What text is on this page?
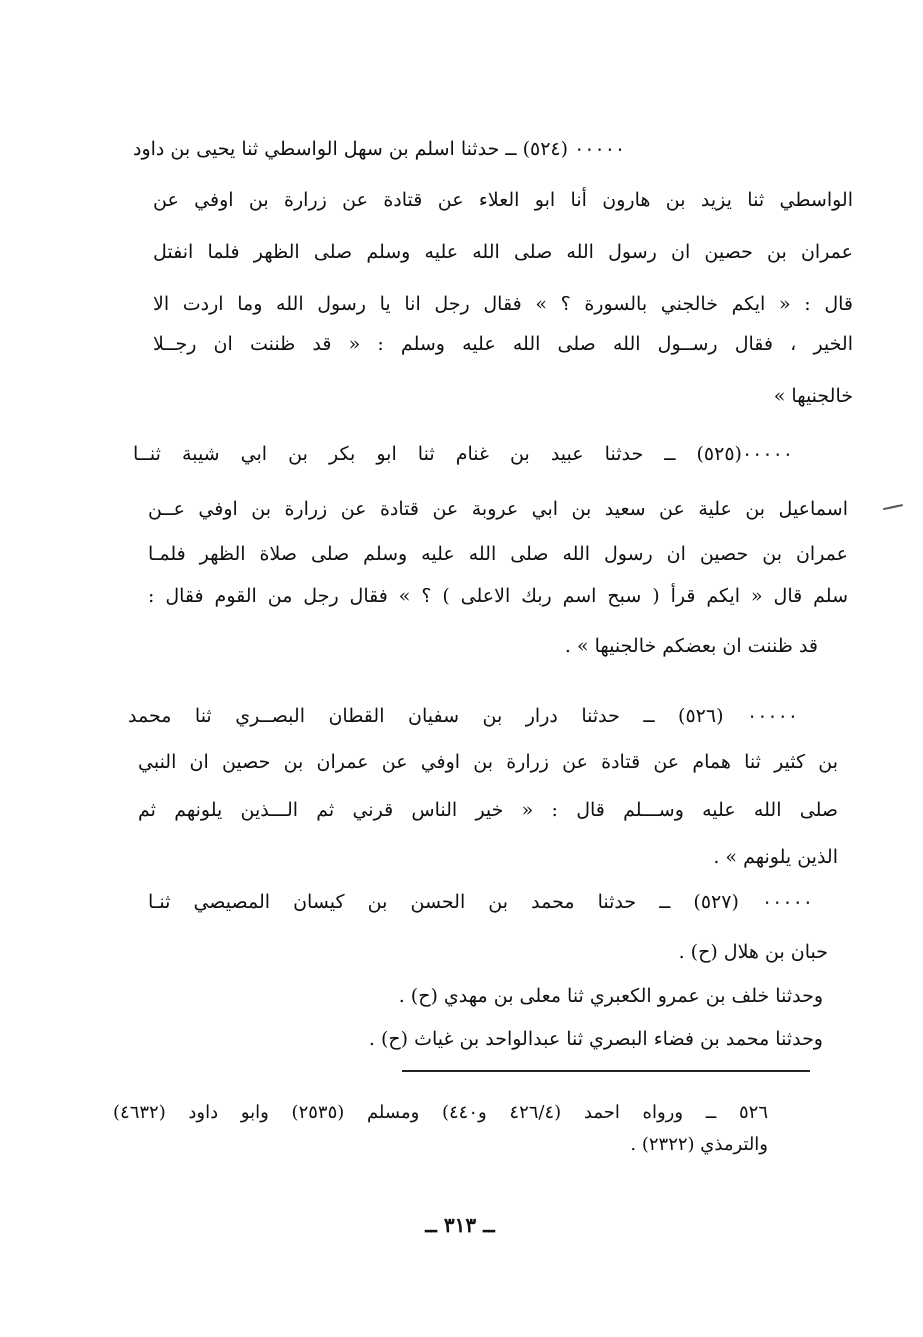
٠٠٠٠٠ (٥٢٤) ــ حدثنا اسلم بن سهل الواسطي ثنا يحيى بن داود
الواسطي ثنا يزيد بن هارون أنا ابو العلاء عن قتادة عن زرارة بن اوفي عن
عمران بن حصين ان رسول الله صلى الله عليه وسلم صلى الظهر فلما انفتل
قال : « ايكم خالجني بالسورة ؟ » فقال رجل انا يا رسول الله وما اردت الا
الخير ، فقال رســول الله صلى الله عليه وسلم : « قد ظننت ان رجــلا
خالجنيها »
٠٠٠٠٠(٥٢٥) ــ حدثنا عبيد بن غنام ثنا ابو بكر بن ابي شيبة ثنــا
اسماعيل بن علية عن سعيد بن ابي عروبة عن قتادة عن زرارة بن اوفي عــن
عمران بن حصين ان رسول الله صلى الله عليه وسلم صلى صلاة الظهر فلمـا
سلم قال « ايكم قرأ ( سبح اسم ربك الاعلى ) ؟ » فقال رجل من القوم فقال :
قد ظننت ان بعضكم خالجنيها » .
٠٠٠٠٠ (٥٢٦) ــ حدثنا درار بن سفيان القطان البصــري ثنا محمد
بن كثير ثنا همام عن قتادة عن زرارة بن اوفي عن عمران بن حصين ان النبي
صلى الله عليه وســـلم قال : « خير الناس قرني ثم الـــذين يلونهم ثم
الذين يلونهم » .
٠٠٠٠٠ (٥٢٧) ــ حدثنا محمد بن الحسن بن كيسان المصيصي ثنـا
حبان بن هلال (ح) .
وحدثنا خلف بن عمرو الكعبري ثنا معلى بن مهدي (ح) .
وحدثنا محمد بن فضاء البصري ثنا عبدالواحد بن غياث (ح) .
٥٢٦ ــ ورواه احمد (٤٢٦/٤ و٤٤٠) ومسلم (٢٥٣٥) وابو داود (٤٦٣٢)
والترمذي (٢٣٢٢) .
ــ ٣١٣ ــ
